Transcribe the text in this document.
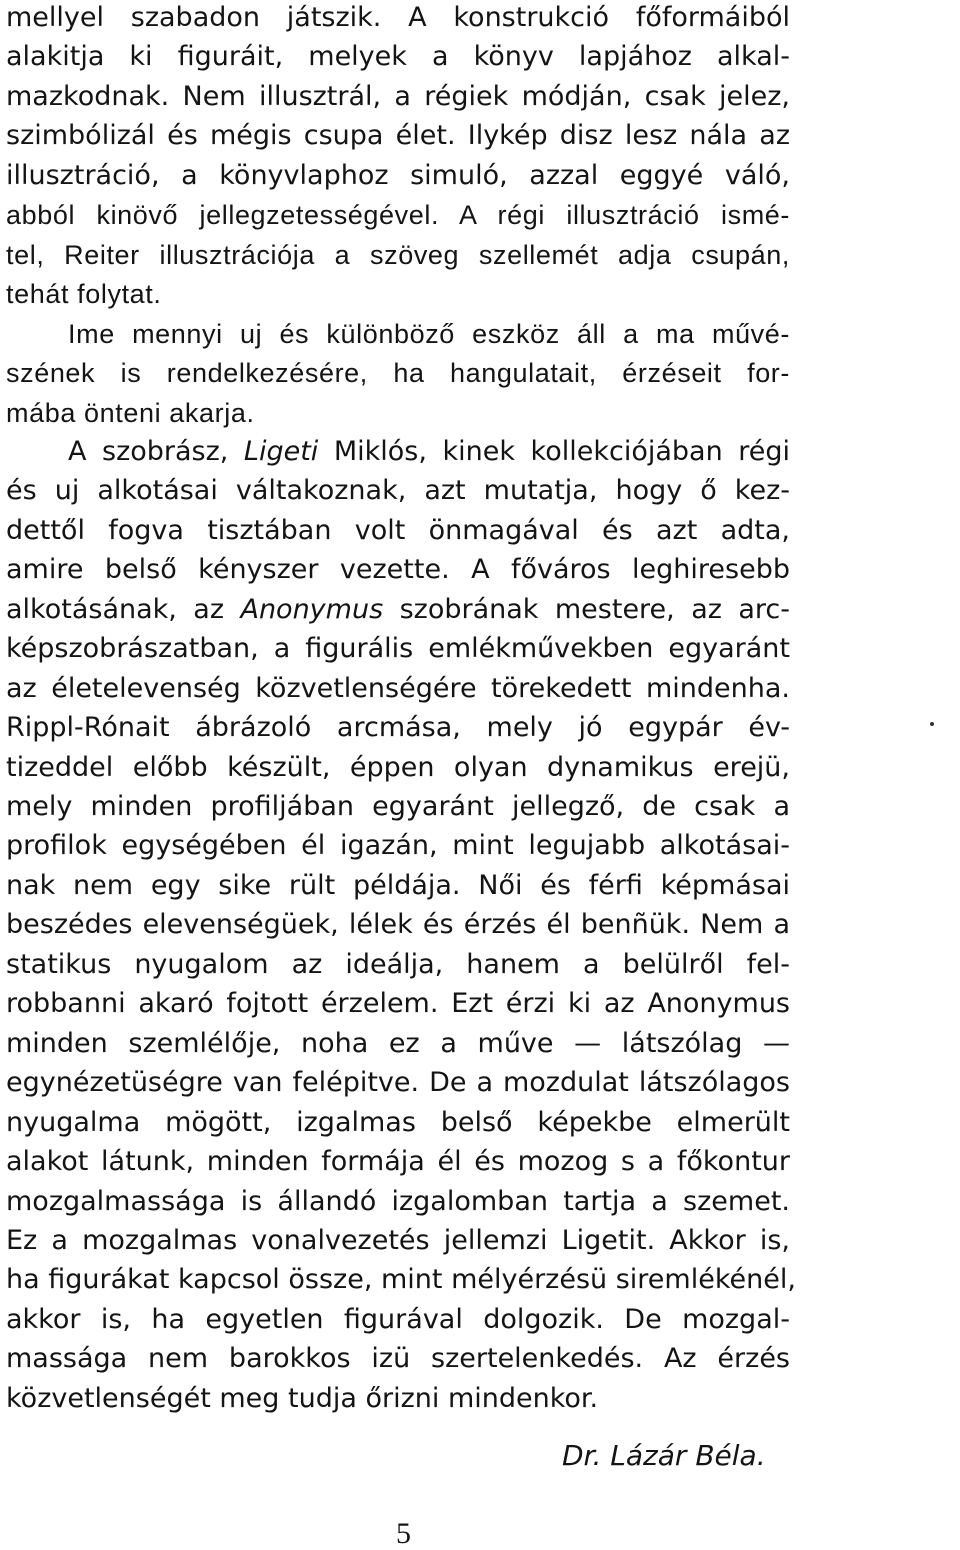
mellyel szabadon játszik. A konstrukció főformáiból
alakitja ki figuráit, melyek a könyv lapjához alkal-
mazkodnak. Nem illusztrál, a régiek módján, csak jelez,
szimbólizál és mégis csupa élet. Ilykép disz lesz nála az
illusztráció, a könyvlaphoz simuló, azzal eggyé váló,
abból kinövő jellegzetességével. A régi illusztráció ismé-
tel, Reiter illusztrációja a szöveg szellemét adja csupán,
tehát folytat.
Ime mennyi uj és különböző eszköz áll a ma művé-
szének is rendelkezésére, ha hangulatait, érzéseit for-
mába önteni akarja.
A szobrász, Ligeti Miklós, kinek kollekciójában régi
és uj alkotásai váltakoznak, azt mutatja, hogy ő kez-
dettől fogva tisztában volt önmagával és azt adta,
amire belső kényszer vezette. A főváros leghiresebb
alkotásának, az Anonymus szobrának mestere, az arc-
képszobrászatban, a figurális emlékművekben egyaránt
az életelevenség közvetlenségére törekedett mindenha.
Rippl-Rónait ábrázoló arcmása, mely jó egypár év-
tizeddel előbb készült, éppen olyan dynamikus erejü,
mely minden profiljában egyaránt jellegző, de csak a
profilok egységében él igazán, mint legujabb alkotásai-
nak nem egy sike rült példája. Női és férfi képmásai
beszédes elevenségüek, lélek és érzés él benñük. Nem a
statikus nyugalom az ideálja, hanem a belülről fel-
robbanni akaró fojtott érzelem. Ezt érzi ki az Anonymus
minden szemlélője, noha ez a műve — látszólag —
egynézetüségre van felépitve. De a mozdulat látszólagos
nyugalma mögött, izgalmas belső képekbe elmerült
alakot látunk, minden formája él és mozog s a főkontur
mozgalmassága is állandó izgalomban tartja a szemet.
Ez a mozgalmas vonalvezetés jellemzi Ligetit. Akkor is,
ha figurákat kapcsol össze, mint mélyérzésü siremlékénél,
akkor is, ha egyetlen figurával dolgozik. De mozgal-
massága nem barokkos izü szertelenkedés. Az érzés
közvetlenségét meg tudja őrizni mindenkor.
Dr. Lázár Béla.
5
